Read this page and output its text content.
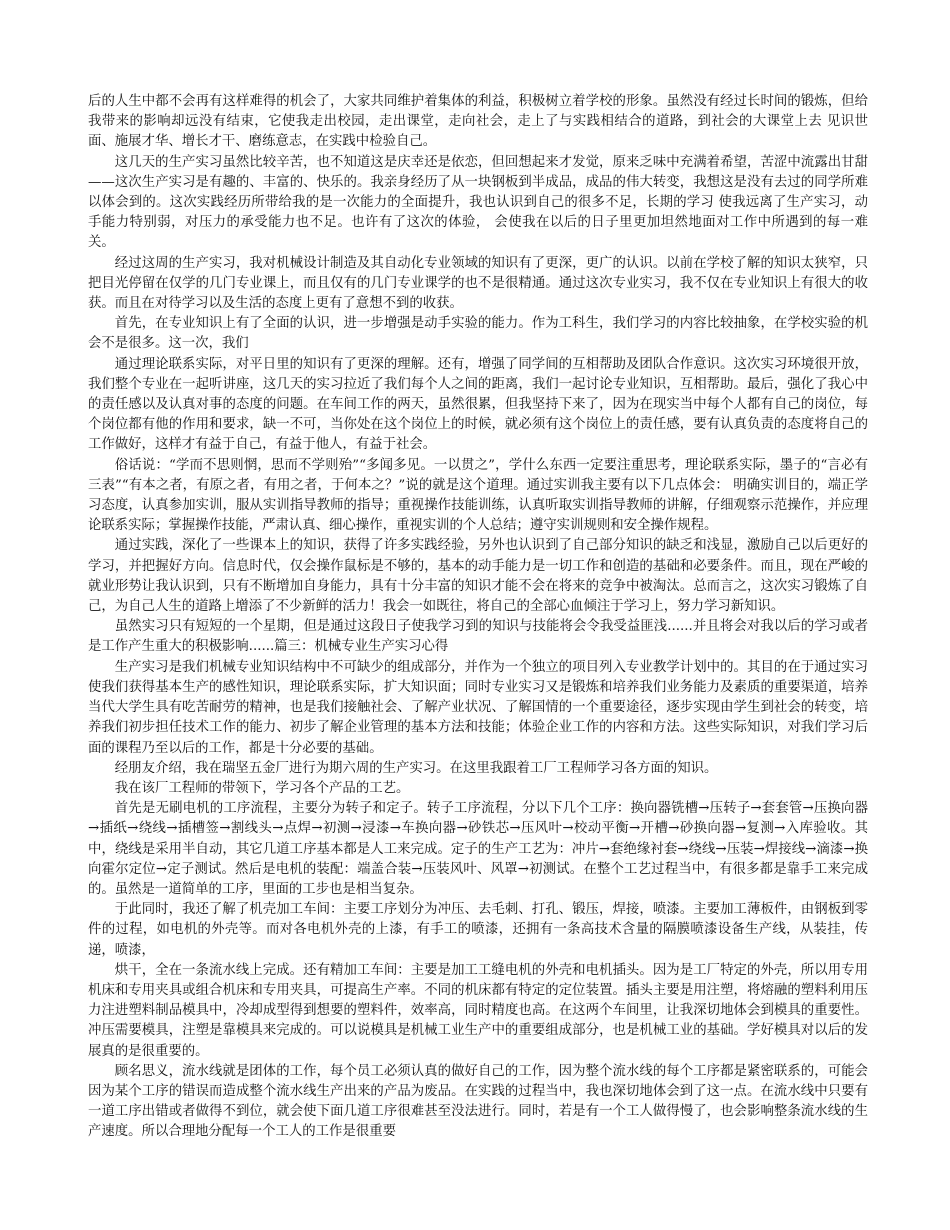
后的人生中都不会再有这样难得的机会了，大家共同维护着集体的利益，积极树立着学校的形象。虽然没有经过长时间的锻炼，但给我带来的影响却远没有结束，它使我走出校园，走出课堂，走向社会，走上了与实践相结合的道路，到社会的大课堂上去 见识世面、施展才华、增长才干、磨练意志，在实践中检验自己。

这几天的生产实习虽然比较辛苦，也不知道这是庆幸还是依恋，但回想起来才发觉，原来乏味中充满着希望，苦涩中流露出甘甜——这次生产实习是有趣的、丰富的、快乐的。我亲身经历了从一块钢板到半成品，成品的伟大转变，我想这是没有去过的同学所难以体会到的。这次实践经历所带给我的是一次能力的全面提升，我也认识到自己的很多不足，长期的学习 使我远离了生产实习，动手能力特别弱，对压力的承受能力也不足。也许有了这次的体验， 会使我在以后的日子里更加坦然地面对工作中所遇到的每一难关。

经过这周的生产实习，我对机械设计制造及其自动化专业领域的知识有了更深，更广的认识。以前在学校了解的知识太狭窄，只把目光停留在仅学的几门专业课上，而且仅有的几门专业课学的也不是很精通。通过这次专业实习，我不仅在专业知识上有很大的收获。而且在对待学习以及生活的态度上更有了意想不到的收获。

首先，在专业知识上有了全面的认识，进一步增强是动手实验的能力。作为工科生，我们学习的内容比较抽象，在学校实验的机会不是很多。这一次，我们

通过理论联系实际，对平日里的知识有了更深的理解。还有，增强了同学间的互相帮助及团队合作意识。这次实习环境很开放，我们整个专业在一起听讲座，这几天的实习拉近了我们每个人之间的距离，我们一起讨论专业知识，互相帮助。最后，强化了我心中的责任感以及认真对事的态度的问题。在车间工作的两天，虽然很累，但我坚持下来了，因为在现实当中每个人都有自己的岗位，每个岗位都有他的作用和要求，缺一不可，当你处在这个岗位上的时候，就必须有这个岗位上的责任感，要有认真负责的态度将自己的工作做好，这样才有益于自己，有益于他人，有益于社会。

俗话说：“学而不思则惘，思而不学则殆”“多闻多见。一以贯之”，学什么东西一定要注重思考，理论联系实际，墨子的“言必有三表”“有本之者，有原之者，有用之者，于何本之？”说的就是这个道理。通过实训我主要有以下几点体会： 明确实训目的，端正学习态度，认真参加实训，服从实训指导教师的指导；重视操作技能训练，认真听取实训指导教师的讲解，仔细观察示范操作，并应理论联系实际；掌握操作技能，严肃认真、细心操作，重视实训的个人总结；遵守实训规则和安全操作规程。

通过实践，深化了一些课本上的知识，获得了许多实践经验，另外也认识到了自己部分知识的缺乏和浅显，激励自己以后更好的学习，并把握好方向。信息时代，仅会操作鼠标是不够的，基本的动手能力是一切工作和创造的基础和必要条件。而且，现在严峻的就业形势让我认识到，只有不断增加自身能力，具有十分丰富的知识才能不会在将来的竞争中被淘汰。总而言之，这次实习锻炼了自己，为自己人生的道路上增添了不少新鲜的活力！我会一如既往，将自己的全部心血倾注于学习上，努力学习新知识。

虽然实习只有短短的一个星期，但是通过这段日子使我学习到的知识与技能将会令我受益匪浅......并且将会对我以后的学习或者是工作产生重大的积极影响......篇三：机械专业生产实习心得

生产实习是我们机械专业知识结构中不可缺少的组成部分，并作为一个独立的项目列入专业教学计划中的。其目的在于通过实习使我们获得基本生产的感性知识，理论联系实际，扩大知识面；同时专业实习又是锻炼和培养我们业务能力及素质的重要渠道，培养当代大学生具有吃苦耐劳的精神，也是我们接触社会、了解产业状况、了解国情的一个重要途径，逐步实现由学生到社会的转变，培养我们初步担任技术工作的能力、初步了解企业管理的基本方法和技能；体验企业工作的内容和方法。这些实际知识，对我们学习后面的课程乃至以后的工作，都是十分必要的基础。

经朋友介绍，我在瑞坚五金厂进行为期六周的生产实习。在这里我跟着工厂工程师学习各方面的知识。

我在该厂工程师的带领下，学习各个产品的工艺。

首先是无刷电机的工序流程，主要分为转子和定子。转子工序流程，分以下几个工序：换向器铣槽→压转子→套套管→压换向器→插纸→绕线→插槽签→割线头→点焊→初测→浸漆→车换向器→砂铁芯→压风叶→校动平衡→开槽→砂换向器→复测→入库验收。其中，绕线是采用半自动，其它几道工序基本都是人工来完成。定子的生产工艺为：冲片→套绝缘衬套→绕线→压装→焊接线→滴漆→换向霍尔定位→定子测试。然后是电机的装配：端盖合装→压装风叶、风罩→初测试。在整个工艺过程当中，有很多都是靠手工来完成的。虽然是一道简单的工序，里面的工步也是相当复杂。

于此同时，我还了解了机壳加工车间：主要工序划分为冲压、去毛刺、打孔、锻压，焊接，喷漆。主要加工薄板件，由钢板到零件的过程，如电机的外壳等。而对各电机外壳的上漆，有手工的喷漆，还拥有一条高技术含量的隔膜喷漆设备生产线，从装挂，传递，喷漆，

烘干，全在一条流水线上完成。还有精加工车间：主要是加工工缝电机的外壳和电机插头。因为是工厂特定的外壳，所以用专用机床和专用夹具或组合机床和专用夹具，可提高生产率。不同的机床都有特定的定位装置。插头主要是用注塑，将熔融的塑料利用压力注进塑料制品模具中，冷却成型得到想要的塑料件，效率高，同时精度也高。在这两个车间里，让我深切地体会到模具的重要性。冲压需要模具，注塑是靠模具来完成的。可以说模具是机械工业生产中的重要组成部分，也是机械工业的基础。学好模具对以后的发展真的是很重要的。

顾名思义，流水线就是团体的工作，每个员工必须认真的做好自己的工作，因为整个流水线的每个工序都是紧密联系的，可能会因为某个工序的错误而造成整个流水线生产出来的产品为废品。在实践的过程当中，我也深切地体会到了这一点。在流水线中只要有一道工序出错或者做得不到位，就会使下面几道工序很难甚至没法进行。同时，若是有一个工人做得慢了，也会影响整条流水线的生产速度。所以合理地分配每一个工人的工作是很重要
